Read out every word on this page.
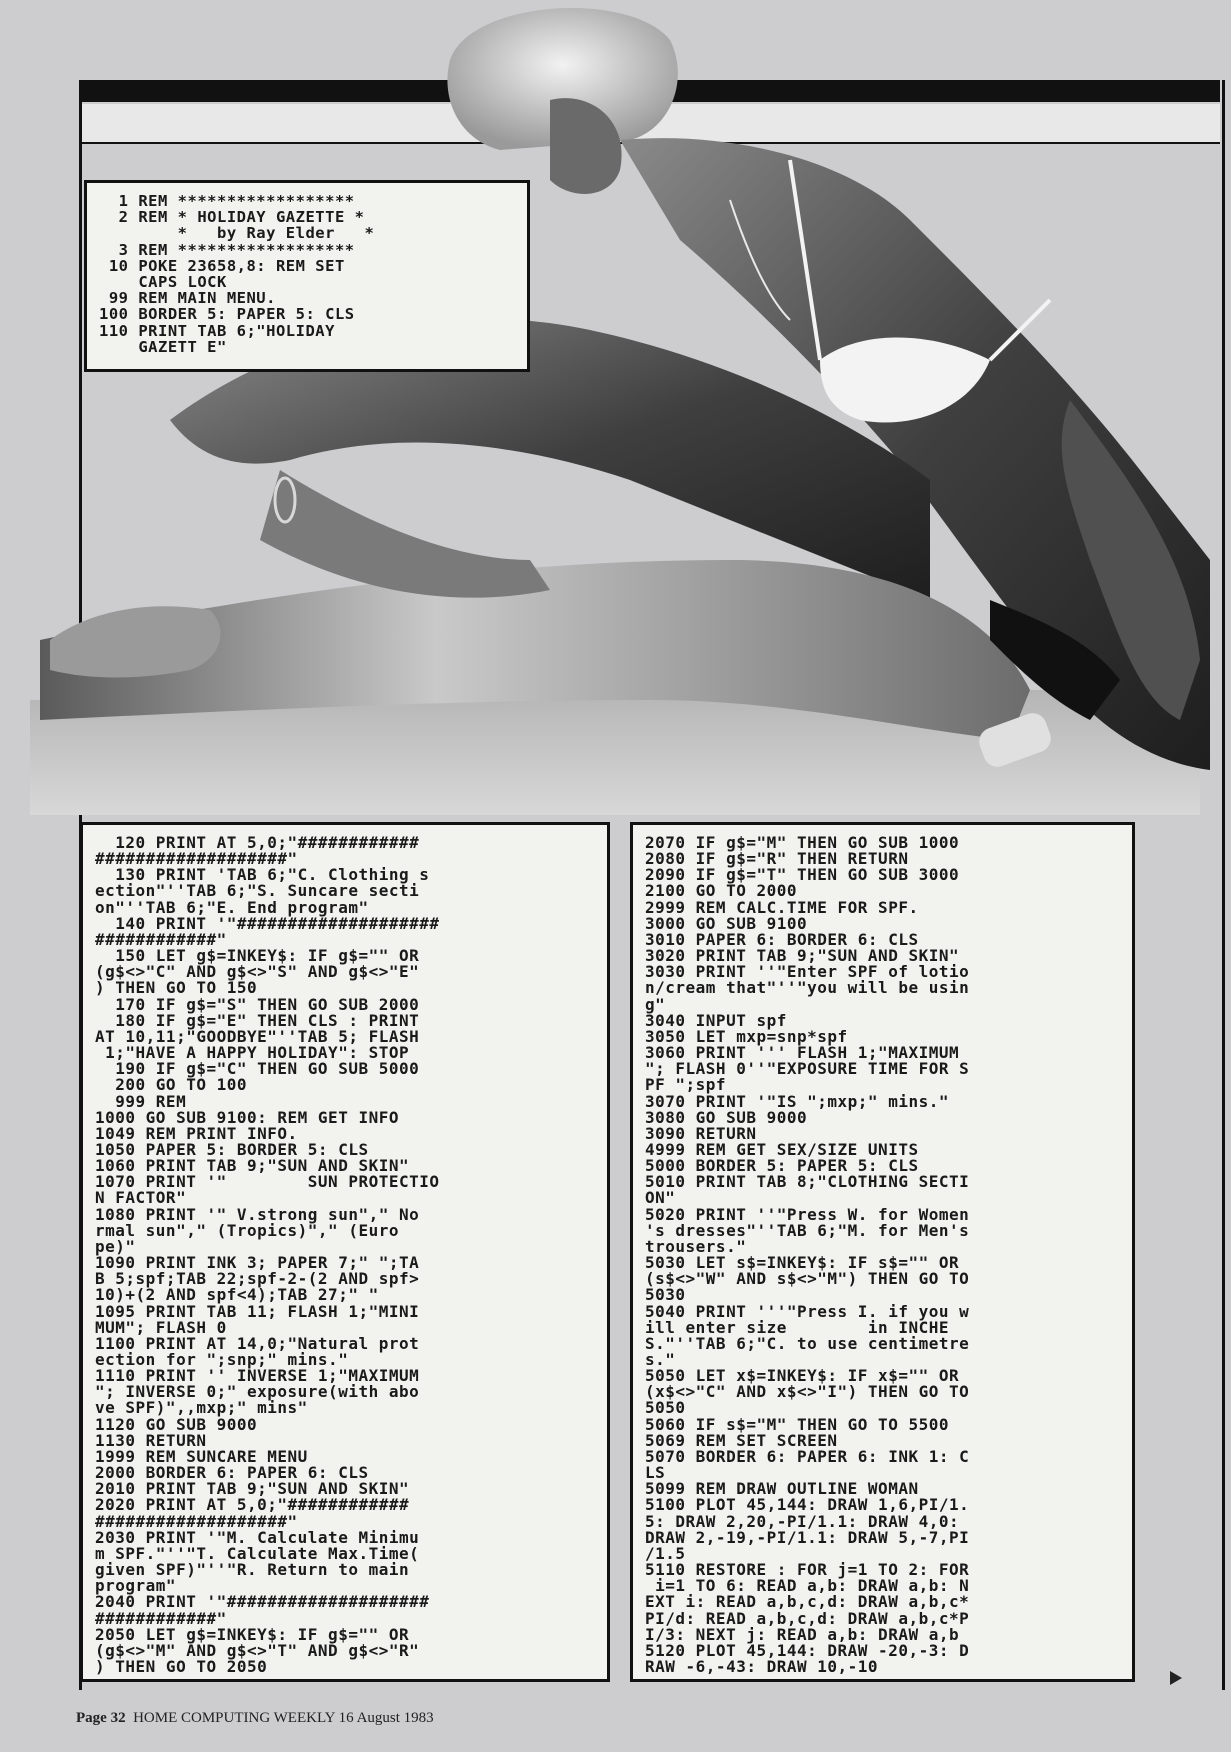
1 REM ******************
2 REM * HOLIDAY GAZETTE *
*   by Ray Elder   *
3 REM ******************
10 POKE 23658,8: REM SET
CAPS LOCK
99 REM MAIN MENU.
100 BORDER 5: PAPER 5: CLS
110 PRINT TAB 6;"HOLIDAY
GAZETT E"
120 PRINT AT 5,0;"############
###################"
130 PRINT 'TAB 6;"C. Clothing s
ection"''TAB 6;"S. Suncare secti
on"''TAB 6;"E. End program"
140 PRINT '"####################
############"
150 LET g$=INKEY$: IF g$="" OR
(g$<>"C" AND g$<>"S" AND g$<>"E"
) THEN GO TO 150
170 IF g$="S" THEN GO SUB 2000
180 IF g$="E" THEN CLS : PRINT
AT 10,11;"GOODBYE"''TAB 5; FLASH
1;"HAVE A HAPPY HOLIDAY": STOP
190 IF g$="C" THEN GO SUB 5000
200 GO TO 100
999 REM
1000 GO SUB 9100: REM GET INFO
1049 REM PRINT INFO.
1050 PAPER 5: BORDER 5: CLS
1060 PRINT TAB 9;"SUN AND SKIN"
1070 PRINT '"        SUN PROTECTIO
N FACTOR"
1080 PRINT '" V.strong sun"," No
rmal sun"," (Tropics)"," (Euro
pe)"
1090 PRINT INK 3; PAPER 7;" ";TA
B 5;spf;TAB 22;spf-2-(2 AND spf>
10)+(2 AND spf<4);TAB 27;" "
1095 PRINT TAB 11; FLASH 1;"MINI
MUM"; FLASH 0
1100 PRINT AT 14,0;"Natural prot
ection for ";snp;" mins."
1110 PRINT '' INVERSE 1;"MAXIMUM
"; INVERSE 0;" exposure(with abo
ve SPF)",,mxp;" mins"
1120 GO SUB 9000
1130 RETURN
1999 REM SUNCARE MENU
2000 BORDER 6: PAPER 6: CLS
2010 PRINT TAB 9;"SUN AND SKIN"
2020 PRINT AT 5,0;"############
###################"
2030 PRINT '"M. Calculate Minimu
m SPF."''"T. Calculate Max.Time(
given SPF)"''"R. Return to main
program"
2040 PRINT '"####################
############"
2050 LET g$=INKEY$: IF g$="" OR
(g$<>"M" AND g$<>"T" AND g$<>"R"
) THEN GO TO 2050
2070 IF g$="M" THEN GO SUB 1000
2080 IF g$="R" THEN RETURN
2090 IF g$="T" THEN GO SUB 3000
2100 GO TO 2000
2999 REM CALC.TIME FOR SPF.
3000 GO SUB 9100
3010 PAPER 6: BORDER 6: CLS
3020 PRINT TAB 9;"SUN AND SKIN"
3030 PRINT ''"Enter SPF of lotio
n/cream that"''"you will be usin
g"
3040 INPUT spf
3050 LET mxp=snp*spf
3060 PRINT ''' FLASH 1;"MAXIMUM
"; FLASH 0''"EXPOSURE TIME FOR S
PF ";spf
3070 PRINT '"IS ";mxp;" mins."
3080 GO SUB 9000
3090 RETURN
4999 REM GET SEX/SIZE UNITS
5000 BORDER 5: PAPER 5: CLS
5010 PRINT TAB 8;"CLOTHING SECTI
ON"
5020 PRINT ''"Press W. for Women
's dresses"''TAB 6;"M. for Men's
trousers."
5030 LET s$=INKEY$: IF s$="" OR
(s$<>"W" AND s$<>"M") THEN GO TO
5030
5040 PRINT '''"Press I. if you w
ill enter size        in INCHE
S."''TAB 6;"C. to use centimetre
s."
5050 LET x$=INKEY$: IF x$="" OR
(x$<>"C" AND x$<>"I") THEN GO TO
5050
5060 IF s$="M" THEN GO TO 5500
5069 REM SET SCREEN
5070 BORDER 6: PAPER 6: INK 1: C
LS
5099 REM DRAW OUTLINE WOMAN
5100 PLOT 45,144: DRAW 1,6,PI/1.
5: DRAW 2,20,-PI/1.1: DRAW 4,0:
DRAW 2,-19,-PI/1.1: DRAW 5,-7,PI
/1.5
5110 RESTORE : FOR j=1 TO 2: FOR
i=1 TO 6: READ a,b: DRAW a,b: N
EXT i: READ a,b,c,d: DRAW a,b,c*
PI/d: READ a,b,c,d: DRAW a,b,c*P
I/3: NEXT j: READ a,b: DRAW a,b
5120 PLOT 45,144: DRAW -20,-3: D
RAW -6,-43: DRAW 10,-10
Page 32 HOME COMPUTING WEEKLY 16 August 1983
